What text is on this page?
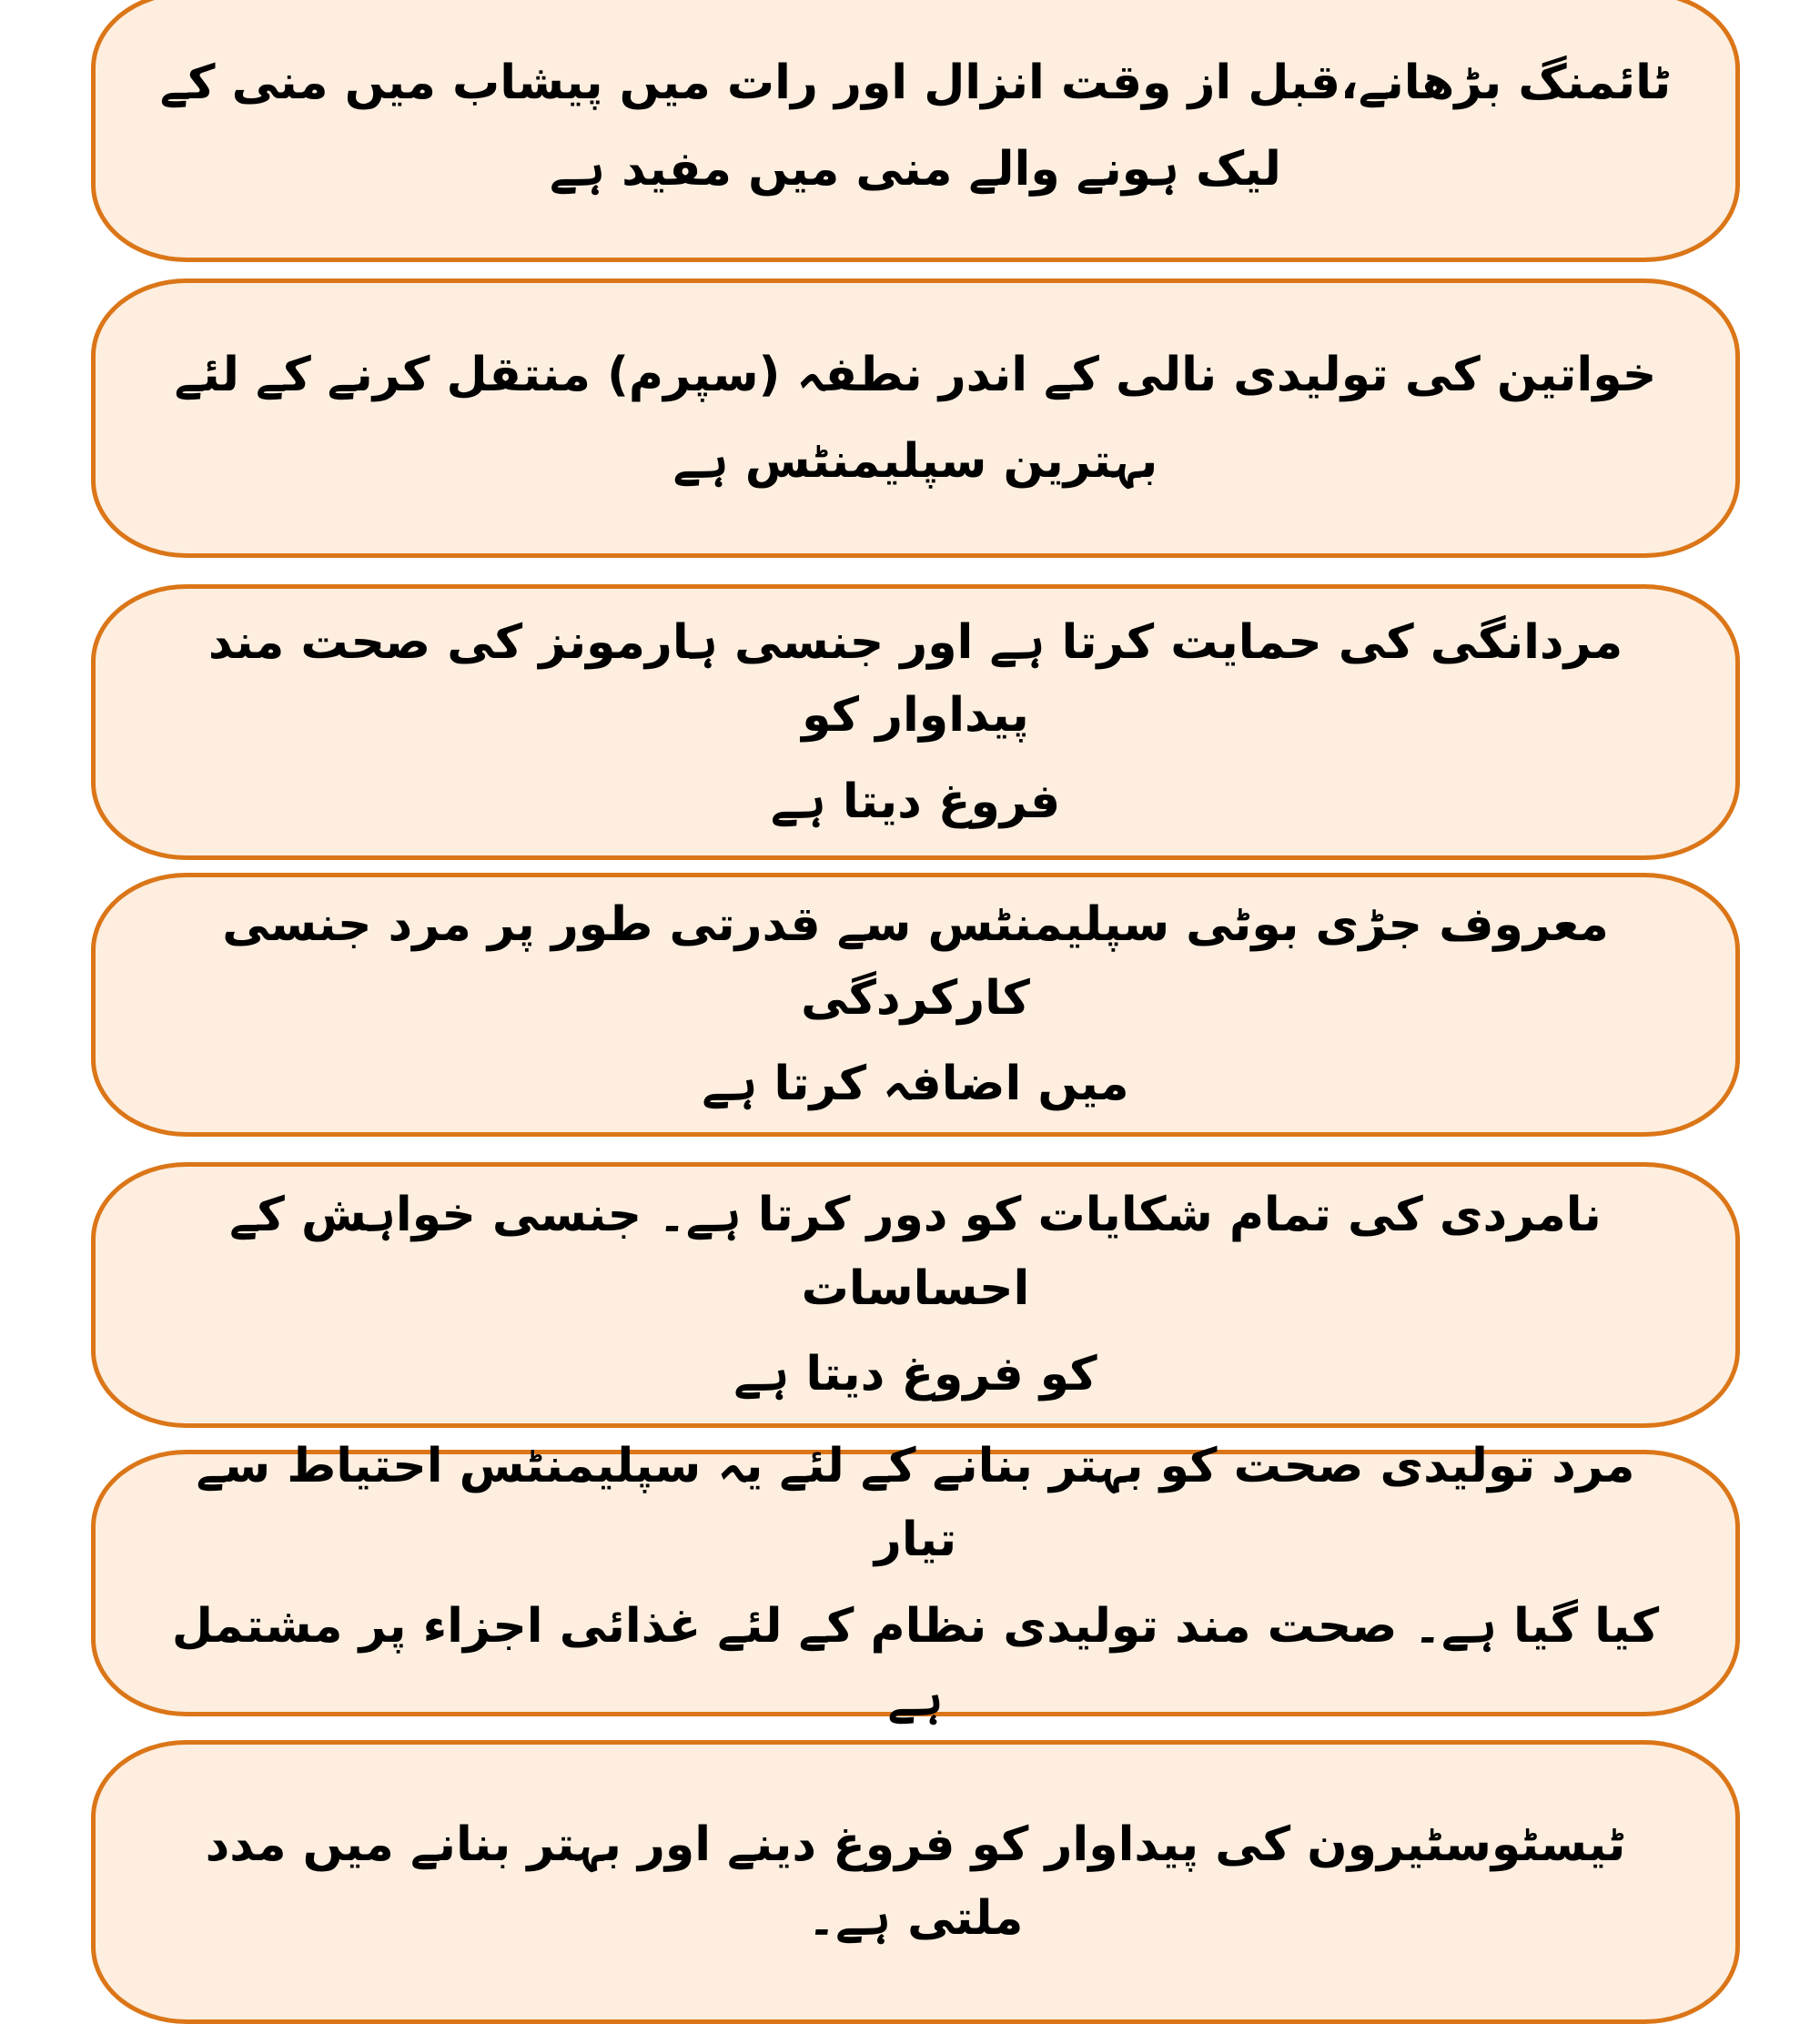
ٹائمنگ بڑھانے،قبل از وقت انزال اور رات میں پیشاب میں منی کے
لیک ہونے والے منی میں مفید ہے
خواتین کی تولیدی نالی کے اندر نطفہ (سپرم) منتقل کرنے کے لئے
بہترین سپلیمنٹس ہے
مردانگی کی حمایت کرتا ہے اور جنسی ہارمونز کی صحت مند پیداوار کو
فروغ دیتا ہے
معروف جڑی بوٹی سپلیمنٹس سے قدرتی طور پر مرد جنسی کارکردگی
میں اضافہ کرتا ہے
نامردی کی تمام شکایات کو دور کرتا ہے۔ جنسی خواہش کے احساسات
کو فروغ دیتا ہے
مرد تولیدی صحت کو بہتر بنانے کے لئے یہ سپلیمنٹس احتیاط سے تیار
کیا گیا ہے۔ صحت مند تولیدی نظام کے لئے غذائی اجزاء پر مشتمل ہے
ٹیسٹوسٹیرون کی پیداوار کو فروغ دینے اور بہتر بنانے میں مدد ملتی ہے۔
